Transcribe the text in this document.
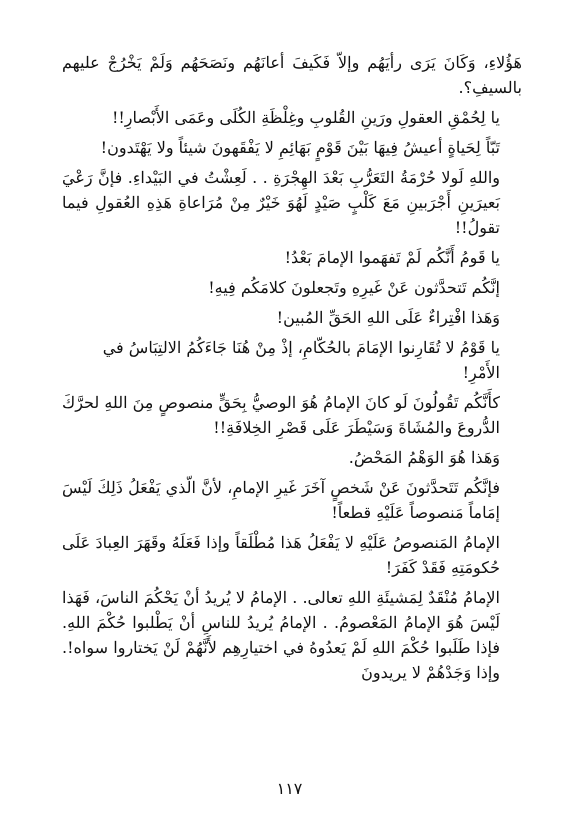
هَؤُلاءِ، وَكَانَ يَرَى رأيَهُم وإلاّ فَكَيفَ أعانَهُم ونَصَحَهُم وَلَمْ يَخْرُجْ عليهم بالسيفِ؟.

يا لِحُمْقِ العقولِ ورَينِ القُلوبِ وغِلْظَةِ الكُلَى وعَمَى الأَبْصارِ!!

تَبّاً لِحَياةٍ أعيشُ فِيهَا بَيْنَ قَوْمٍ بَهَائِمِ لا يَفْقَهونَ شيئاً ولا يَهْتَدون!

واللهِ لَولا حُرْمَةُ التَعَرُّبِ بَعْدَ الهِجْرَةِ . . لَعِشْتُ في البَيْداءِ. فإنَّ رَعْيَ بَعيرَينِ أَجْرَبينِ مَعَ كَلْبٍ صَيْدٍ لَهُوَ خَيْرٌ مِنْ مُرَاعاةِ هَذِهِ العُقولِ فيما تقولُ!!

يا قَومُ أَنَّكُم لَمْ تَفهَموا الإمامَ بَعْدُ!

إنَّكُم تَتحدَّثون عَنْ غَيرِهِ وتَجعلونَ كلامَكُم فِيهِ!

وَهَذا افْتِراءٌ عَلَى اللهِ الحَقِّ المُبين!

يا قَوْمُ لا تُقَارِنوا الإمَامَ بالحُكّامِ، إذْ مِنْ هُنَا جَاءَكُمُ الالتِبَاسُ في الأَمْرِ!

كأَنَّكُم تَقُولُونَ لَو كانَ الإمامُ هُوَ الوصيُّ بِحَقٍّ منصوصٍ مِنَ اللهِ لحرَّكَ الدُّروعَ والمُشَاةَ وَسَيْطَرَ عَلَى قَصْرِ الخِلافَةِ!!

وَهَذا هُوَ الوَهْمُ المَحْضُ.

فإنَّكُم تَتَحدَّثونَ عَنْ شَخصٍ آخَرَ غَيرِ الإمامِ، لأنَّ الّذي يَفْعَلُ ذَلِكَ لَيْسَ إمَاماً مَنصوصاً عَلَيْهِ قطعاً!

الإمامُ المَنصوصُ عَلَيْهِ لا يَفْعَلُ هَذا مُطْلَقاً وإذا فَعَلَهُ وقَهَرَ العِبادَ عَلَى حُكومَتِهِ فَقَدْ كَفَرَ!

الإمامُ مُنْقَدٌ لِمَشيئَةِ اللهِ تعالى. . الإمامُ لا يُريدُ أنْ يَحْكُمَ الناسَ، فَهَذا لَيْسَ هُوَ الإمامُ المَعْصومُ. . الإمامُ يُريدُ للناسِ أنْ يَطْلبوا حُكْمَ اللهِ. فإذا طَلَبوا حُكْمَ اللهِ لَمْ يَعدُوهُ في اختيارِهِم لأَنَّهُمْ لَنْ يَختاروا سواه!. وإذا وَجَدْهُمْ لا يريدونَ

١١٧
